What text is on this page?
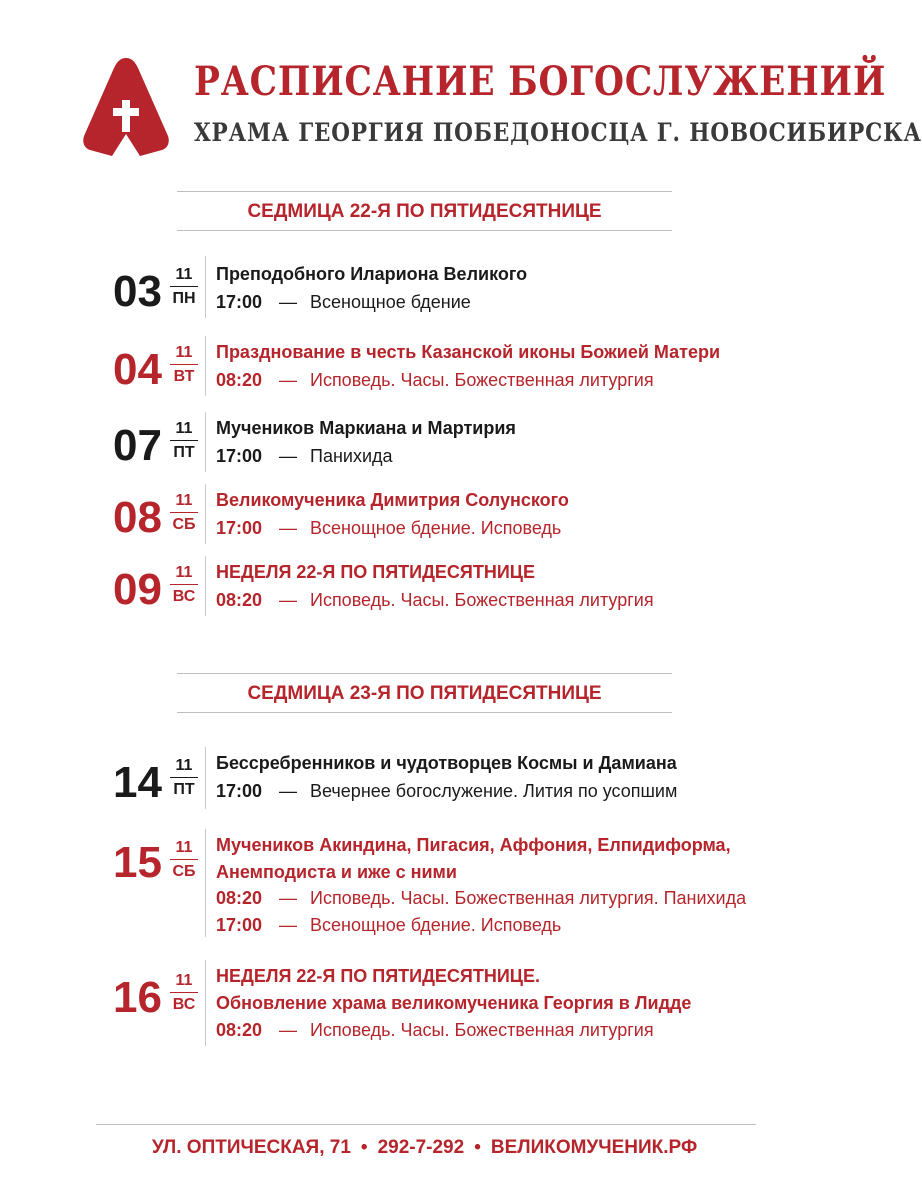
РАСПИСАНИЕ БОГОСЛУЖЕНИЙ
ХРАМА ГЕОРГИЯ ПОБЕДОНОСЦА Г. НОВОСИБИРСКА
СЕДМИЦА 22-Я ПО ПЯТИДЕСЯТНИЦЕ
СЕДМИЦА 23-Я ПО ПЯТИДЕСЯТНИЦЕ
03 11
ПН
Преподобного Илариона Великого
17:00 — Всенощное бдение
04 11
ВТ
Празднование в честь Казанской иконы Божией Матери
08:20 — Исповедь. Часы. Божественная литургия
07 11
ПТ
Мучеников Маркиана и Мартирия
17:00 — Панихида
08 11
СБ
Великомученика Димитрия Солунского
17:00 — Всенощное бдение. Исповедь
09 11
ВС
НЕДЕЛЯ 22-Я ПО ПЯТИДЕСЯТНИЦЕ
08:20 — Исповедь. Часы. Божественная литургия
14 11
ПТ
Бессребренников и чудотворцев Космы и Дамиана
17:00 — Вечернее богослужение. Лития по усопшим
15 11
СБ
Мучеников Акиндина, Пигасия, Аффония, Елпидиформа,
Анемподиста и иже с ними
08:20 — Исповедь. Часы. Божественная литургия. Панихида
17:00 — Всенощное бдение. Исповедь
16 11
ВС
НЕДЕЛЯ 22-Я ПО ПЯТИДЕСЯТНИЦЕ.
Обновление храма великомученика Георгия в Лидде
08:20 — Исповедь. Часы. Божественная литургия
УЛ. ОПТИЧЕСКАЯ, 71 • 292-7-292 • ВЕЛИКОМУЧЕНИК.РФ
